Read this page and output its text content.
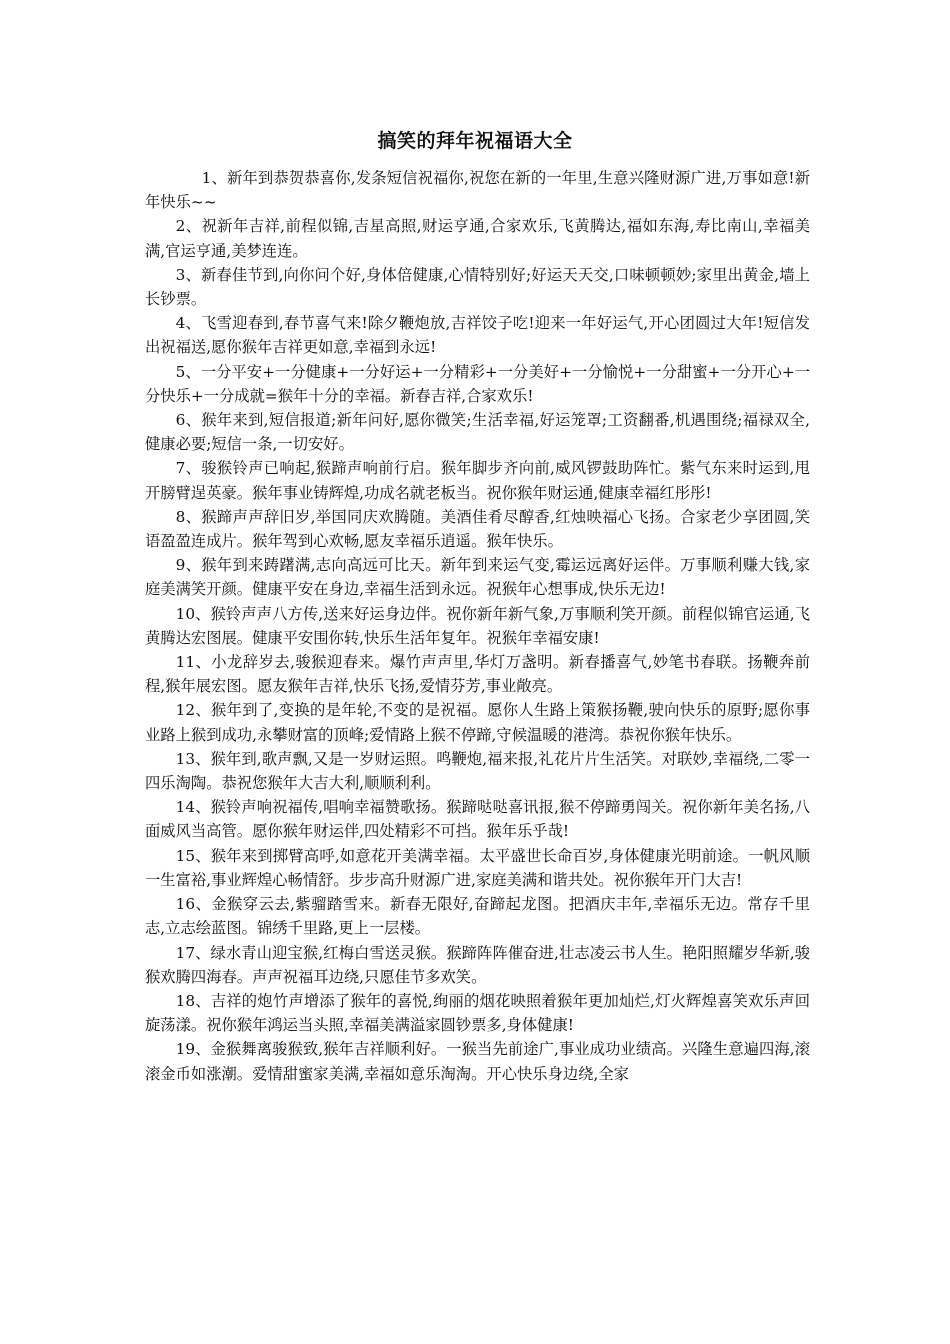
搞笑的拜年祝福语大全

1、新年到恭贺恭喜你,发条短信祝福你,祝您在新的一年里,生意兴隆财源广进,万事如意!新年快乐~~

2、祝新年吉祥,前程似锦,吉星高照,财运亨通,合家欢乐,飞黄腾达,福如东海,寿比南山,幸福美满,官运亨通,美梦连连。

3、新春佳节到,向你问个好,身体倍健康,心情特别好;好运天天交,口味顿顿妙;家里出黄金,墙上长钞票。

4、飞雪迎春到,春节喜气来!除夕鞭炮放,吉祥饺子吃!迎来一年好运气,开心团圆过大年!短信发出祝福送,愿你猴年吉祥更如意,幸福到永远!

5、一分平安+一分健康+一分好运+一分精彩+一分美好+一分愉悦+一分甜蜜+一分开心+一分快乐+一分成就=猴年十分的幸福。新春吉祥,合家欢乐!

6、猴年来到,短信报道;新年问好,愿你微笑;生活幸福,好运笼罩;工资翻番,机遇围绕;福禄双全,健康必要;短信一条,一切安好。

7、骏猴铃声已响起,猴蹄声响前行启。猴年脚步齐向前,威风锣鼓助阵忙。紫气东来时运到,甩开膀臂逞英豪。猴年事业铸辉煌,功成名就老板当。祝你猴年财运通,健康幸福红彤彤!

8、猴蹄声声辞旧岁,举国同庆欢腾随。美酒佳肴尽醇香,红烛映福心飞扬。合家老少享团圆,笑语盈盈连成片。猴年驾到心欢畅,愿友幸福乐逍遥。猴年快乐。

9、猴年到来踌躇满,志向高远可比天。新年到来运气变,霉运远离好运伴。万事顺利赚大钱,家庭美满笑开颜。健康平安在身边,幸福生活到永远。祝猴年心想事成,快乐无边!

10、猴铃声声八方传,送来好运身边伴。祝你新年新气象,万事顺利笑开颜。前程似锦官运通,飞黄腾达宏图展。健康平安围你转,快乐生活年复年。祝猴年幸福安康!

11、小龙辞岁去,骏猴迎春来。爆竹声声里,华灯万盏明。新春播喜气,妙笔书春联。扬鞭奔前程,猴年展宏图。愿友猴年吉祥,快乐飞扬,爱情芬芳,事业敞亮。

12、猴年到了,变换的是年轮,不变的是祝福。愿你人生路上策猴扬鞭,驶向快乐的原野;愿你事业路上猴到成功,永攀财富的顶峰;爱情路上猴不停蹄,守候温暖的港湾。恭祝你猴年快乐。

13、猴年到,歌声飘,又是一岁财运照。鸣鞭炮,福来报,礼花片片生活笑。对联妙,幸福绕,二零一四乐淘陶。恭祝您猴年大吉大利,顺顺利利。

14、猴铃声响祝福传,唱响幸福赞歌扬。猴蹄哒哒喜讯报,猴不停蹄勇闯关。祝你新年美名扬,八面威风当高管。愿你猴年财运伴,四处精彩不可挡。猴年乐乎哉!

15、猴年来到掷臂高呼,如意花开美满幸福。太平盛世长命百岁,身体健康光明前途。一帆风顺一生富裕,事业辉煌心畅情舒。步步高升财源广进,家庭美满和谐共处。祝你猴年开门大吉!

16、金猴穿云去,紫骝踏雪来。新春无限好,奋蹄起龙图。把酒庆丰年,幸福乐无边。常存千里志,立志绘蓝图。锦绣千里路,更上一层楼。

17、绿水青山迎宝猴,红梅白雪送灵猴。猴蹄阵阵催奋进,壮志凌云书人生。艳阳照耀岁华新,骏猴欢腾四海春。声声祝福耳边绕,只愿佳节多欢笑。

18、吉祥的炮竹声增添了猴年的喜悦,绚丽的烟花映照着猴年更加灿烂,灯火辉煌喜笑欢乐声回旋荡漾。祝你猴年鸿运当头照,幸福美满溢家圆钞票多,身体健康!

19、金猴舞离骏猴致,猴年吉祥顺利好。一猴当先前途广,事业成功业绩高。兴隆生意遍四海,滚滚金币如涨潮。爱情甜蜜家美满,幸福如意乐淘淘。开心快乐身边绕,全家
